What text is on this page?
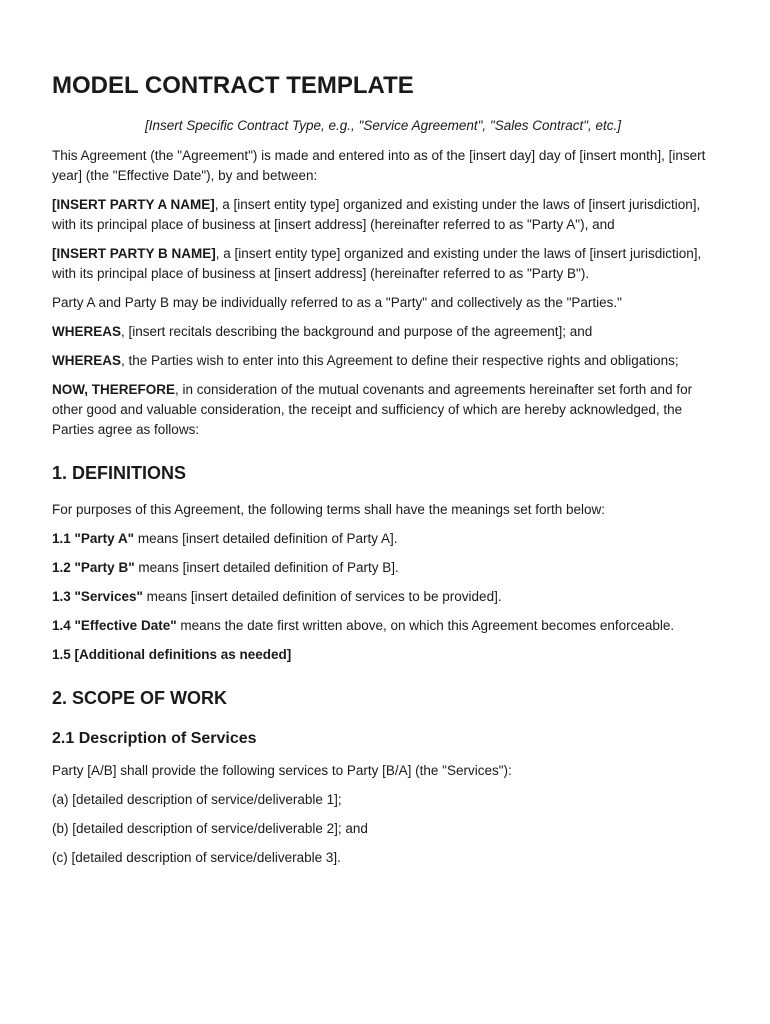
MODEL CONTRACT TEMPLATE

[Insert Specific Contract Type, e.g., "Service Agreement", "Sales Contract", etc.]

This Agreement (the "Agreement") is made and entered into as of the [insert day] day of [insert month], [insert year] (the "Effective Date"), by and between:

[INSERT PARTY A NAME], a [insert entity type] organized and existing under the laws of [insert jurisdiction], with its principal place of business at [insert address] (hereinafter referred to as "Party A"), and

[INSERT PARTY B NAME], a [insert entity type] organized and existing under the laws of [insert jurisdiction], with its principal place of business at [insert address] (hereinafter referred to as "Party B").

Party A and Party B may be individually referred to as a "Party" and collectively as the "Parties."

WHEREAS, [insert recitals describing the background and purpose of the agreement]; and

WHEREAS, the Parties wish to enter into this Agreement to define their respective rights and obligations;

NOW, THEREFORE, in consideration of the mutual covenants and agreements hereinafter set forth and for other good and valuable consideration, the receipt and sufficiency of which are hereby acknowledged, the Parties agree as follows:

1. DEFINITIONS

For purposes of this Agreement, the following terms shall have the meanings set forth below:

1.1 "Party A" means [insert detailed definition of Party A].

1.2 "Party B" means [insert detailed definition of Party B].

1.3 "Services" means [insert detailed definition of services to be provided].

1.4 "Effective Date" means the date first written above, on which this Agreement becomes enforceable.

1.5 [Additional definitions as needed]

2. SCOPE OF WORK
2.1 Description of Services

Party [A/B] shall provide the following services to Party [B/A] (the "Services"):

(a) [detailed description of service/deliverable 1];

(b) [detailed description of service/deliverable 2]; and

(c) [detailed description of service/deliverable 3].
